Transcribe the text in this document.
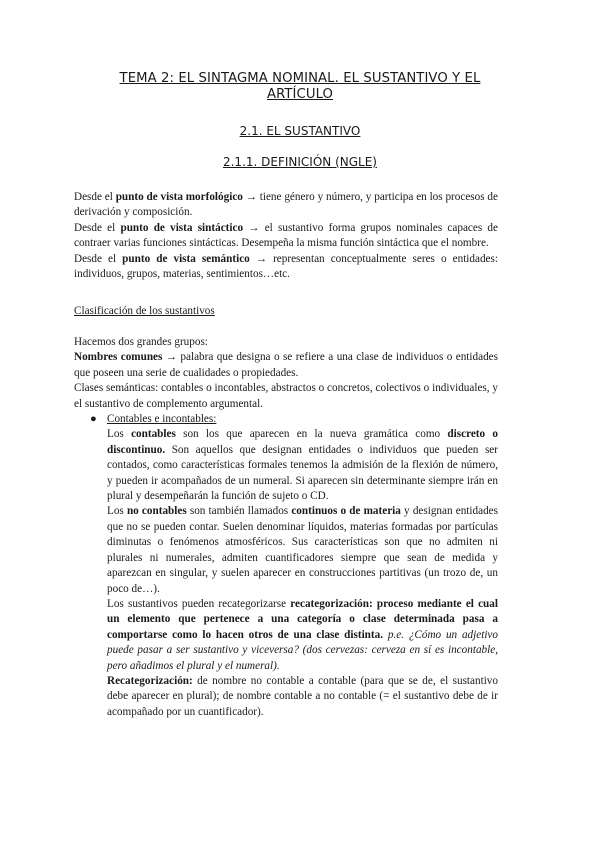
TEMA 2: EL SINTAGMA NOMINAL. EL SUSTANTIVO Y EL
ARTÍCULO
2.1. EL SUSTANTIVO
2.1.1. DEFINICIÓN (NGLE)

Desde el punto de vista morfológico → tiene género y número, y participa en los procesos de derivación y composición.

Desde el punto de vista sintáctico → el sustantivo forma grupos nominales capaces de contraer varias funciones sintácticas. Desempeña la misma función sintáctica que el nombre.

Desde el punto de vista semántico → representan conceptualmente seres o entidades: individuos, grupos, materias, sentimientos…etc.

Clasificación de los sustantivos

Hacemos dos grandes grupos:

Nombres comunes → palabra que designa o se refiere a una clase de individuos o entidades que poseen una serie de cualidades o propiedades.

Clases semánticas: contables o incontables, abstractos o concretos, colectivos o individuales, y el sustantivo de complemento argumental.

● Contables e incontables:

Los contables son los que aparecen en la nueva gramática como discreto o discontinuo. Son aquellos que designan entidades o individuos que pueden ser contados, como características formales tenemos la admisión de la flexión de número, y pueden ir acompañados de un numeral. Si aparecen sin determinante siempre irán en plural y desempeñarán la función de sujeto o CD.

Los no contables son también llamados continuos o de materia y designan entidades que no se pueden contar. Suelen denominar líquidos, materias formadas por partículas diminutas o fenómenos atmosféricos. Sus características son que no admiten ni plurales ni numerales, admiten cuantificadores siempre que sean de medida y aparezcan en singular, y suelen aparecer en construcciones partitivas (un trozo de, un poco de…).

Los sustantivos pueden recategorizarse recategorización: proceso mediante el cual un elemento que pertenece a una categoría o clase determinada pasa a comportarse como lo hacen otros de una clase distinta. p.e. ¿Cómo un adjetivo puede pasar a ser sustantivo y viceversa? (dos cervezas: cerveza en sí es incontable, pero añadimos el plural y el numeral).

Recategorización: de nombre no contable a contable (para que se de, el sustantivo debe aparecer en plural); de nombre contable a no contable (= el sustantivo debe de ir acompañado por un cuantificador).
